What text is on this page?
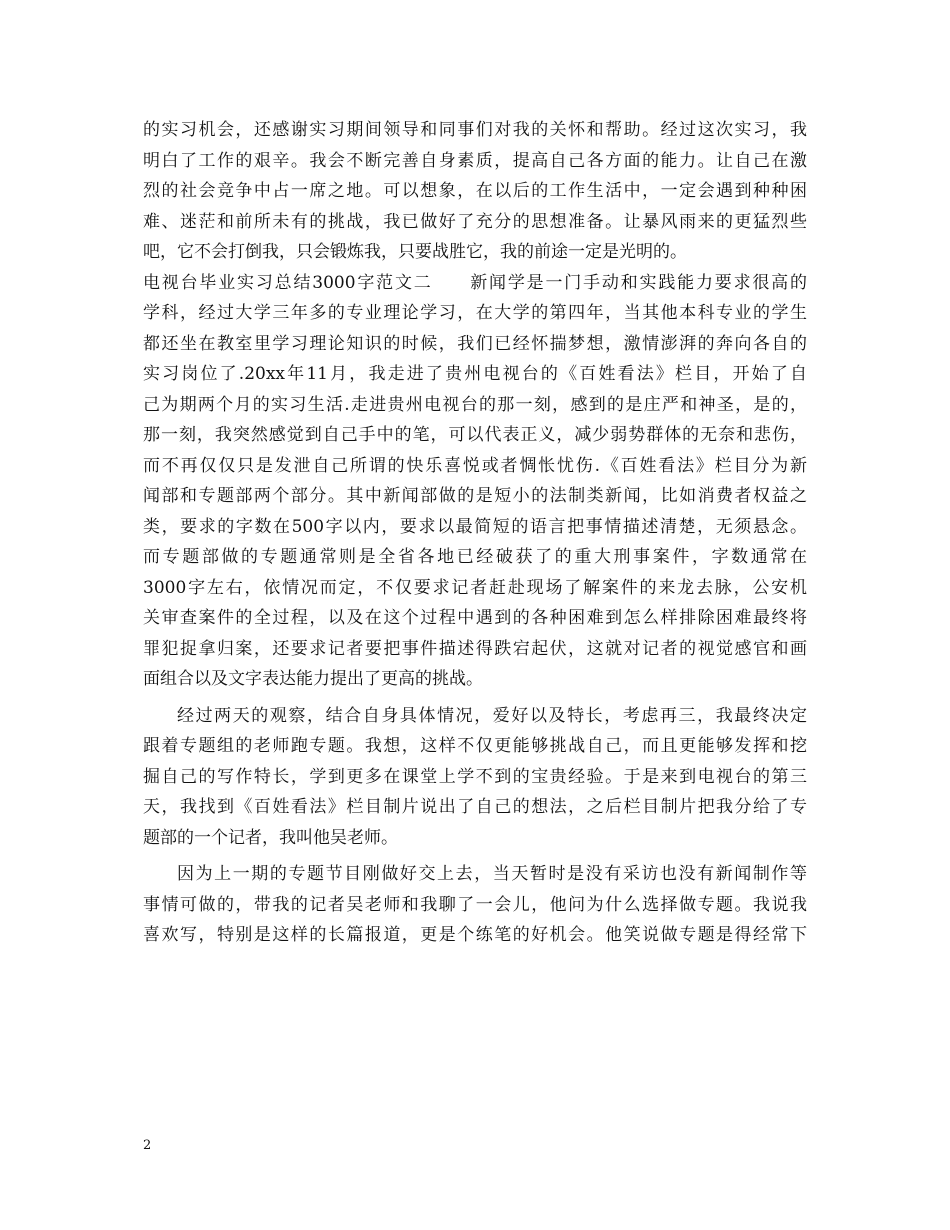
的实习机会，还感谢实习期间领导和同事们对我的关怀和帮助。经过这次实习，我
明白了工作的艰辛。我会不断完善自身素质，提高自己各方面的能力。让自己在激
烈的社会竞争中占一席之地。可以想象，在以后的工作生活中，一定会遇到种种困
难、迷茫和前所未有的挑战，我已做好了充分的思想准备。让暴风雨来的更猛烈些
吧，它不会打倒我，只会锻炼我，只要战胜它，我的前途一定是光明的。
电视台毕业实习总结3000字范文二　　新闻学是一门手动和实践能力要求很高的
学科，经过大学三年多的专业理论学习，在大学的第四年，当其他本科专业的学生
都还坐在教室里学习理论知识的时候，我们已经怀揣梦想，激情澎湃的奔向各自的
实习岗位了.20xx年11月，我走进了贵州电视台的《百姓看法》栏目，开始了自
己为期两个月的实习生活.走进贵州电视台的那一刻，感到的是庄严和神圣，是的，
那一刻，我突然感觉到自己手中的笔，可以代表正义，减少弱势群体的无奈和悲伤，
而不再仅仅只是发泄自己所谓的快乐喜悦或者惆怅忧伤.《百姓看法》栏目分为新
闻部和专题部两个部分。其中新闻部做的是短小的法制类新闻，比如消费者权益之
类，要求的字数在500字以内，要求以最简短的语言把事情描述清楚，无须悬念。
而专题部做的专题通常则是全省各地已经破获了的重大刑事案件，字数通常在
3000字左右，依情况而定，不仅要求记者赶赴现场了解案件的来龙去脉，公安机
关审查案件的全过程，以及在这个过程中遇到的各种困难到怎么样排除困难最终将
罪犯捉拿归案，还要求记者要把事件描述得跌宕起伏，这就对记者的视觉感官和画
面组合以及文字表达能力提出了更高的挑战。
经过两天的观察，结合自身具体情况，爱好以及特长，考虑再三，我最终决定
跟着专题组的老师跑专题。我想，这样不仅更能够挑战自己，而且更能够发挥和挖
掘自己的写作特长，学到更多在课堂上学不到的宝贵经验。于是来到电视台的第三
天，我找到《百姓看法》栏目制片说出了自己的想法，之后栏目制片把我分给了专
题部的一个记者，我叫他吴老师。
因为上一期的专题节目刚做好交上去，当天暂时是没有采访也没有新闻制作等
事情可做的，带我的记者吴老师和我聊了一会儿，他问为什么选择做专题。我说我
喜欢写，特别是这样的长篇报道，更是个练笔的好机会。他笑说做专题是得经常下
2
